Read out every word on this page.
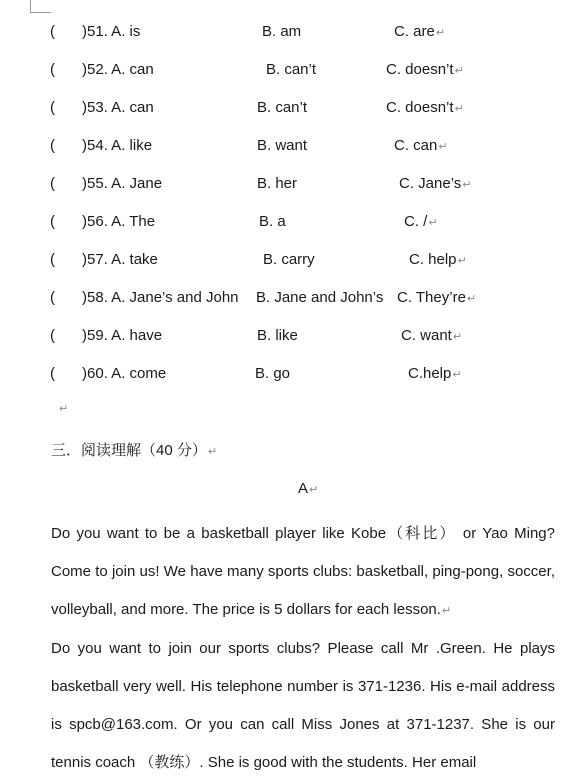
( )51. A. is	B. am	C. are↵
( )52. A. can	B. can’t	C. doesn’t↵
( )53. A. can	B. can’t	C. doesn’t↵
( )54. A. like	B. want	C. can↵
( )55. A. Jane	B. her	C. Jane’s↵
( )56. A. The	B. a	C. /↵
( )57. A. take	B. carry	C. help↵
( )58. A. Jane’s and John B. Jane and John’s C. They’re↵
( )59. A. have	B. like	C. want↵
( )60. A. come	B. go	C.help↵
↵
三．阅读理解（40 分）↵
A↵

Do you want to be a basketball player like Kobe（科比） or Yao Ming? Come to join us! We have many sports clubs: basketball, ping-pong, soccer, volleyball, and more. The price is 5 dollars for each lesson.↵

Do you want to join our sports clubs? Please call Mr .Green. He plays basketball very well. His telephone number is 371-1236. His e-mail address is spcb@163.com. Or you can call Miss Jones at 371-1237. She is our tennis coach （教练）. She is good with the students. Her email
